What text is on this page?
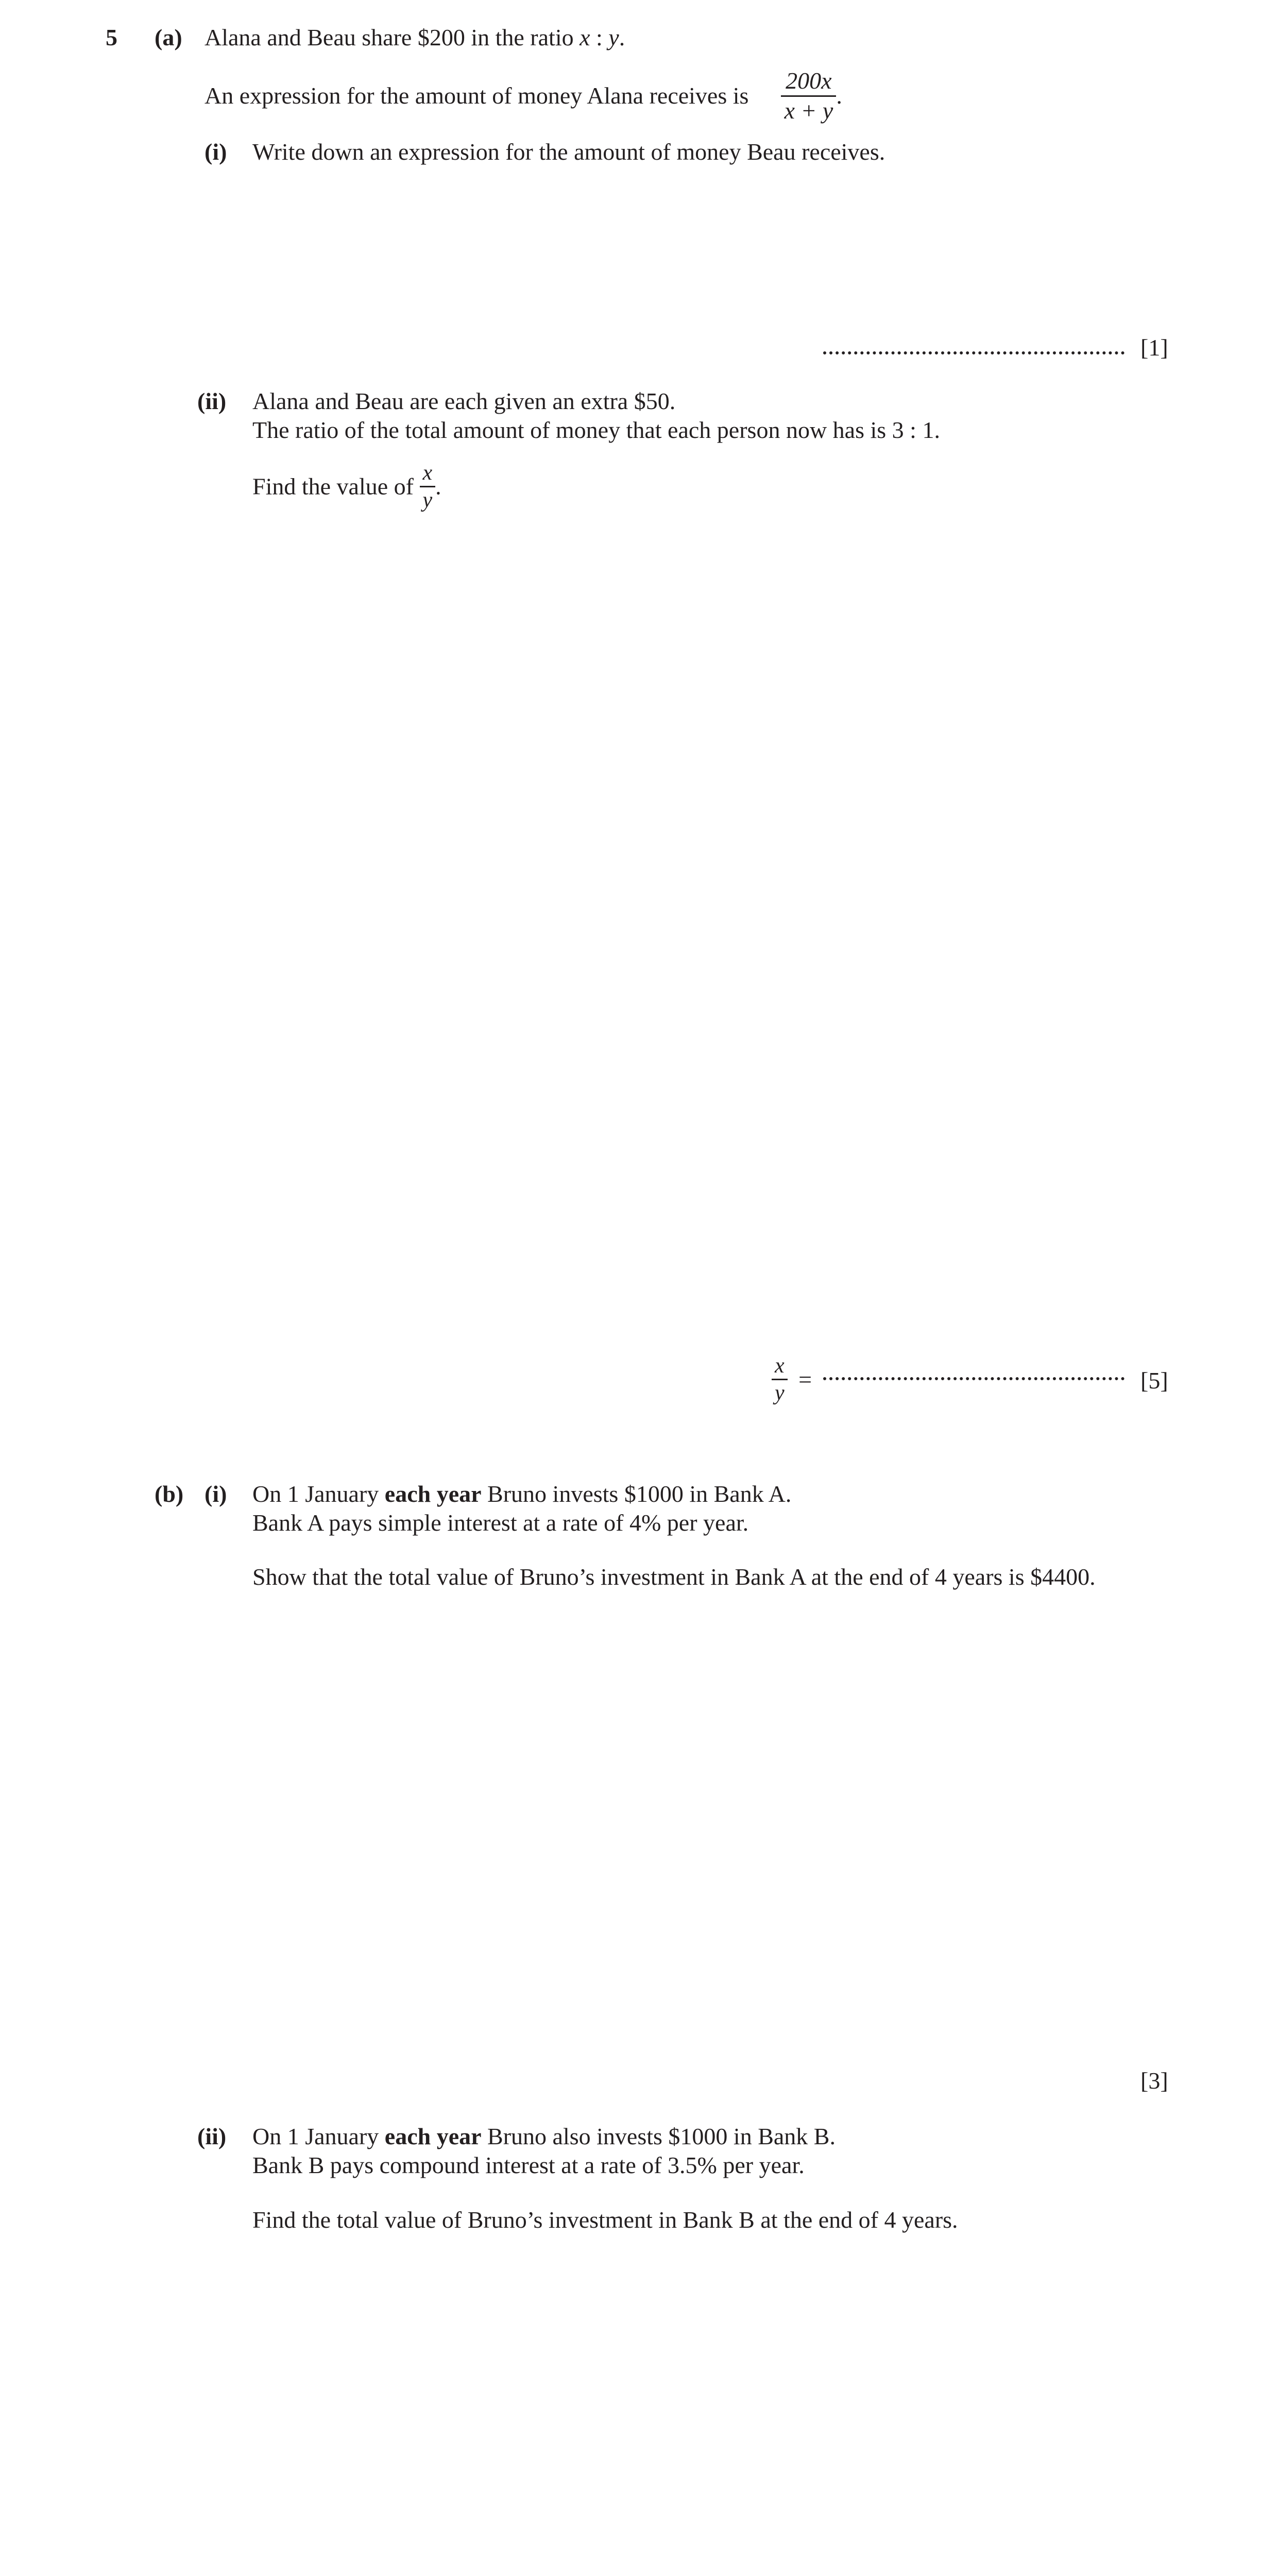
5 (a) Alana and Beau share $200 in the ratio x : y.
An expression for the amount of money Alana receives is $\frac{200x}{x + y}$ .
(i) Write down an expression for the amount of money Beau receives.
[1]
(ii) Alana and Beau are each given an extra $50.
The ratio of the total amount of money that each person now has is 3 : 1.
Find the value of $\frac{x}{y}$ .
$\frac{x}{y}$ =	[5]
(b) (i) On 1 January each year Bruno invests $1000 in Bank A.
Bank A pays simple interest at a rate of 4% per year.
Show that the total value of Bruno’s investment in Bank A at the end of 4 years is $4400.
[3]
(ii) On 1 January each year Bruno also invests $1000 in Bank B.
Bank B pays compound interest at a rate of 3.5% per year.
Find the total value of Bruno’s investment in Bank B at the end of 4 years.
